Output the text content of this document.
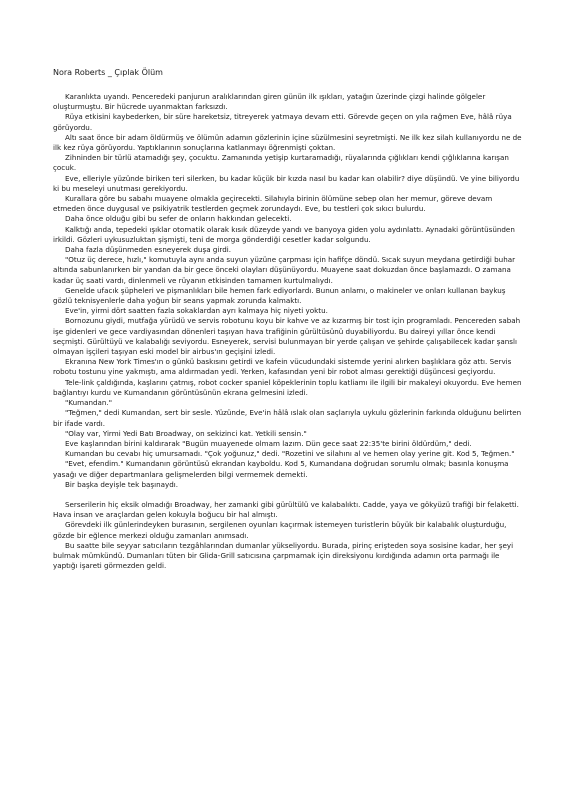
Nora Roberts _ Çıplak Ölüm

Karanlıkta uyandı. Penceredeki panjurun aralıklarından giren günün ilk ışıkları, yatağın üzerinde çizgi halinde gölgeler oluşturmuştu. Bir hücrede uyanmaktan farksızdı.

Rüya etkisini kaybederken, bir süre hareketsiz, titreyerek yatmaya devam etti. Görevde geçen on yıla rağmen Eve, hâlâ rüya görüyordu.

Altı saat önce bir adam öldürmüş ve ölümün adamın gözlerinin içine süzülmesini seyretmişti. Ne ilk kez silah kullanıyordu ne de ilk kez rüya görüyordu. Yaptıklarının sonuçlarına katlanmayı öğrenmişti çoktan.

Zihninden bir türlü atamadığı şey, çocuktu. Zamanında yetişip kurtaramadığı, rüyalarında çığlıkları kendi çığlıklarına karışan çocuk.

Eve, elleriyle yüzünde biriken teri silerken, bu kadar küçük bir kızda nasıl bu kadar kan olabilir? diye düşündü. Ve yine biliyordu ki bu meseleyi unutması gerekiyordu.

Kurallara göre bu sabahı muayene olmakla geçirecekti. Silahıyla birinin ölümüne sebep olan her memur, göreve devam etmeden önce duygusal ve psikiyatrik testlerden geçmek zorundaydı. Eve, bu testleri çok sıkıcı bulurdu.

Daha önce olduğu gibi bu sefer de onların hakkından gelecekti.

Kalktığı anda, tepedeki ışıklar otomatik olarak kısık düzeyde yandı ve banyoya giden yolu aydınlattı. Aynadaki görüntüsünden irkildi. Gözleri uykusuzluktan şişmişti, teni de morga gönderdiği cesetler kadar solgundu.

Daha fazla düşünmeden esneyerek duşa girdi.

"Otuz üç derece, hızlı," komutuyla aynı anda suyun yüzüne çarpması için hafifçe döndü. Sıcak suyun meydana getirdiği buhar altında sabunlanırken bir yandan da bir gece önceki olayları düşünüyordu. Muayene saat dokuzdan önce başlamazdı. O zamana kadar üç saati vardı, dinlenmeli ve rüyanın etkisinden tamamen kurtulmalıydı.

Genelde ufacık şüpheleri ve pişmanlıkları bile hemen fark ediyorlardı. Bunun anlamı, o makineler ve onları kullanan baykuş gözlü teknisyenlerle daha yoğun bir seans yapmak zorunda kalmaktı.

Eve'in, yirmi dört saatten fazla sokaklardan ayrı kalmaya hiç niyeti yoktu.

Bornozunu giydi, mutfağa yürüdü ve servis robotunu koyu bir kahve ve az kızarmış bir tost için programladı. Pencereden sabah işe gidenleri ve gece vardiyasından dönenleri taşıyan hava trafiğinin gürültüsünü duyabiliyordu. Bu daireyi yıllar önce kendi seçmişti. Gürültüyü ve kalabalığı seviyordu. Esneyerek, servisi bulunmayan bir yerde çalışan ve şehirde çalışabilecek kadar şanslı olmayan işçileri taşıyan eski model bir airbus'ın geçişini izledi.

Ekranına New York Times'ın o günkü baskısını getirdi ve kafein vücudundaki sistemde yerini alırken başlıklara göz attı. Servis robotu tostunu yine yakmıştı, ama aldırmadan yedi. Yerken, kafasından yeni bir robot alması gerektiği düşüncesi geçiyordu.

Tele-link çaldığında, kaşlarını çatmış, robot cocker spaniel köpeklerinin toplu katliamı ile ilgili bir makaleyi okuyordu. Eve hemen bağlantıyı kurdu ve Kumandanın görüntüsünün ekrana gelmesini izledi.

"Kumandan."

"Teğmen," dedi Kumandan, sert bir sesle. Yüzünde, Eve'in hâlâ ıslak olan saçlarıyla uykulu gözlerinin farkında olduğunu belirten bir ifade vardı.

"Olay var, Yirmi Yedi Batı Broadway, on sekizinci kat. Yetkili sensin."

Eve kaşlarından birini kaldırarak "Bugün muayenede olmam lazım. Dün gece saat 22:35'te birini öldürdüm," dedi.

Kumandan bu cevabı hiç umursamadı. "Çok yoğunuz," dedi. "Rozetini ve silahını al ve hemen olay yerine git. Kod 5, Teğmen."

"Evet, efendim." Kumandanın görüntüsü ekrandan kayboldu. Kod 5, Kumandana doğrudan sorumlu olmak; basınla konuşma yasağı ve diğer departmanlara gelişmelerden bilgi vermemek demekti.

Bir başka deyişle tek başınaydı.

Serserilerin hiç eksik olmadığı Broadway, her zamanki gibi gürültülü ve kalabalıktı. Cadde, yaya ve gökyüzü trafiği bir felaketti. Hava insan ve araçlardan gelen kokuyla boğucu bir hal almıştı.

Görevdeki ilk günlerindeyken burasının, sergilenen oyunları kaçırmak istemeyen turistlerin büyük bir kalabalık oluşturduğu, gözde bir eğlence merkezi olduğu zamanları anımsadı.

Bu saatte bile seyyar satıcıların tezgâhlarından dumanlar yükseliyordu. Burada, pirinç erişteden soya sosisine kadar, her şeyi bulmak mümkündü. Dumanları tüten bir Glida-Grill satıcısına çarpmamak için direksiyonu kırdığında adamın orta parmağı ile yaptığı işareti görmezden geldi.
